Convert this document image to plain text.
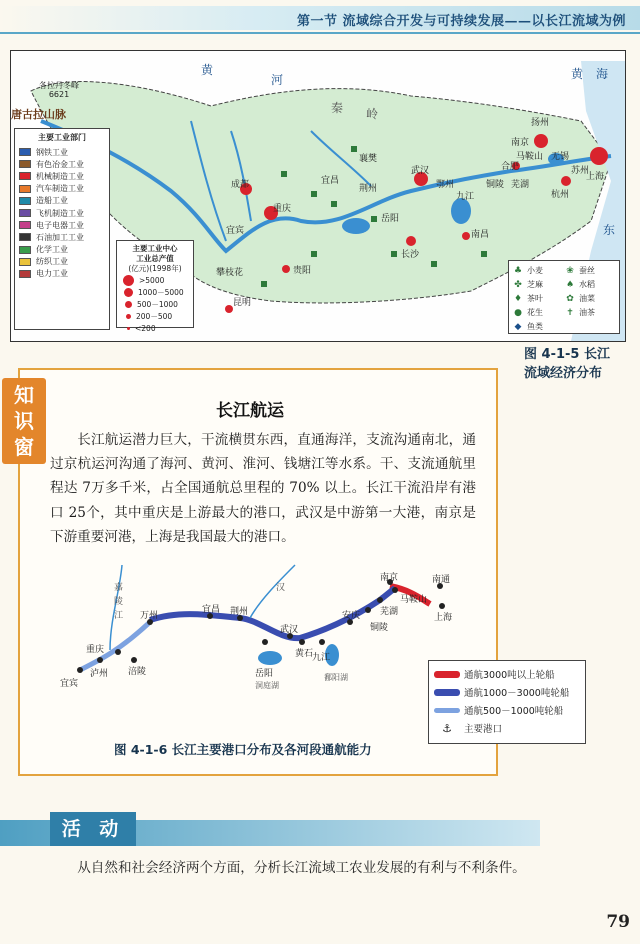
第一节 流域综合开发与可持续发展——以长江流域为例
各拉丹冬峰
6621
唐古拉山脉
黄
河	黄 海
东
秦 岭
扬州
南京
上海
杭州
无锡
苏州
合肥
襄樊
荆州
宜昌
武汉
九江
岳阳
长沙
南昌
成都
重庆
宜宾
攀枝花
昆明
贵阳
芜湖
鄂州
马鞍山
铜陵
主要工业部门
钢铁工业
有色冶金工业
机械制造工业
汽车制造工业
造船工业
飞机制造工业
电子电器工业
石油加工工业
化学工业
纺织工业
电力工业
主要工业中心
工业总产值
(亿元)(1998年)
>5000
1000－5000
500－1000
200－500
<200
♣ 小麦	❀ 蚕丝
✤ 芝麻	♠ 水稻
♦ 茶叶	✿ 油菜
● 花生	✝ 油茶
◆ 鱼类
图 4-1-5 长江
流域经济分布
知
识
窗
长江航运
长江航运潜力巨大，干流横贯东西，直通海洋，支流沟通南北，通过京杭运河沟通了海河、黄河、淮河、钱塘江等水系。干、支流通航里程达 7万多千米，占全国通航总里程的 70% 以上。长江干流沿岸有港口 25个，其中重庆是上游最大的港口，武汉是中游第一大港，南京是下游重要河港，上海是我国最大的港口。
宜宾
泸州
重庆
涪陵
万州
宜昌 荆州
岳阳
武汉
黄石
九江
安庆
铜陵
芜湖
马鞍山
南京	南通
上海
嘉
陵
江
汉
鄱阳湖
洞庭湖
通航3000吨以上轮船
通航1000－3000吨轮船
通航500－1000吨轮船
⚓	主要港口
图 4-1-6 长江主要港口分布及各河段通航能力
活 动
从自然和社会经济两个方面，分析长江流域工农业发展的有利与不利条件。
79
